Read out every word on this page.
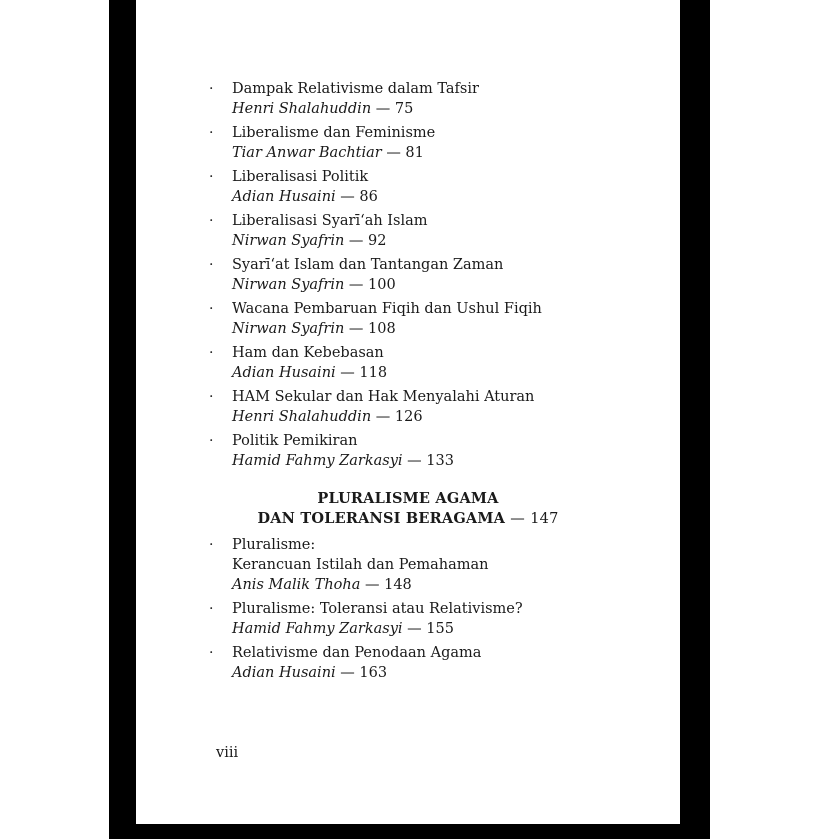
· Dampak Relativisme dalam Tafsir
Henri Shalahuddin — 75
· Liberalisme dan Feminisme
Tiar Anwar Bachtiar — 81
· Liberalisasi Politik
Adian Husaini — 86
· Liberalisasi Syarī‘ah Islam
Nirwan Syafrin — 92
· Syarī‘at Islam dan Tantangan Zaman
Nirwan Syafrin — 100
· Wacana Pembaruan Fiqih dan Ushul Fiqih
Nirwan Syafrin — 108
· Ham dan Kebebasan
Adian Husaini — 118
· HAM Sekular dan Hak Menyalahi Aturan
Henri Shalahuddin — 126
· Politik Pemikiran
Hamid Fahmy Zarkasyi — 133
PLURALISME AGAMA
DAN TOLERANSI BERAGAMA — 147
· Pluralisme:
Kerancuan Istilah dan Pemahaman
Anis Malik Thoha — 148
· Pluralisme: Toleransi atau Relativisme?
Hamid Fahmy Zarkasyi — 155
· Relativisme dan Penodaan Agama
Adian Husaini — 163
viii
